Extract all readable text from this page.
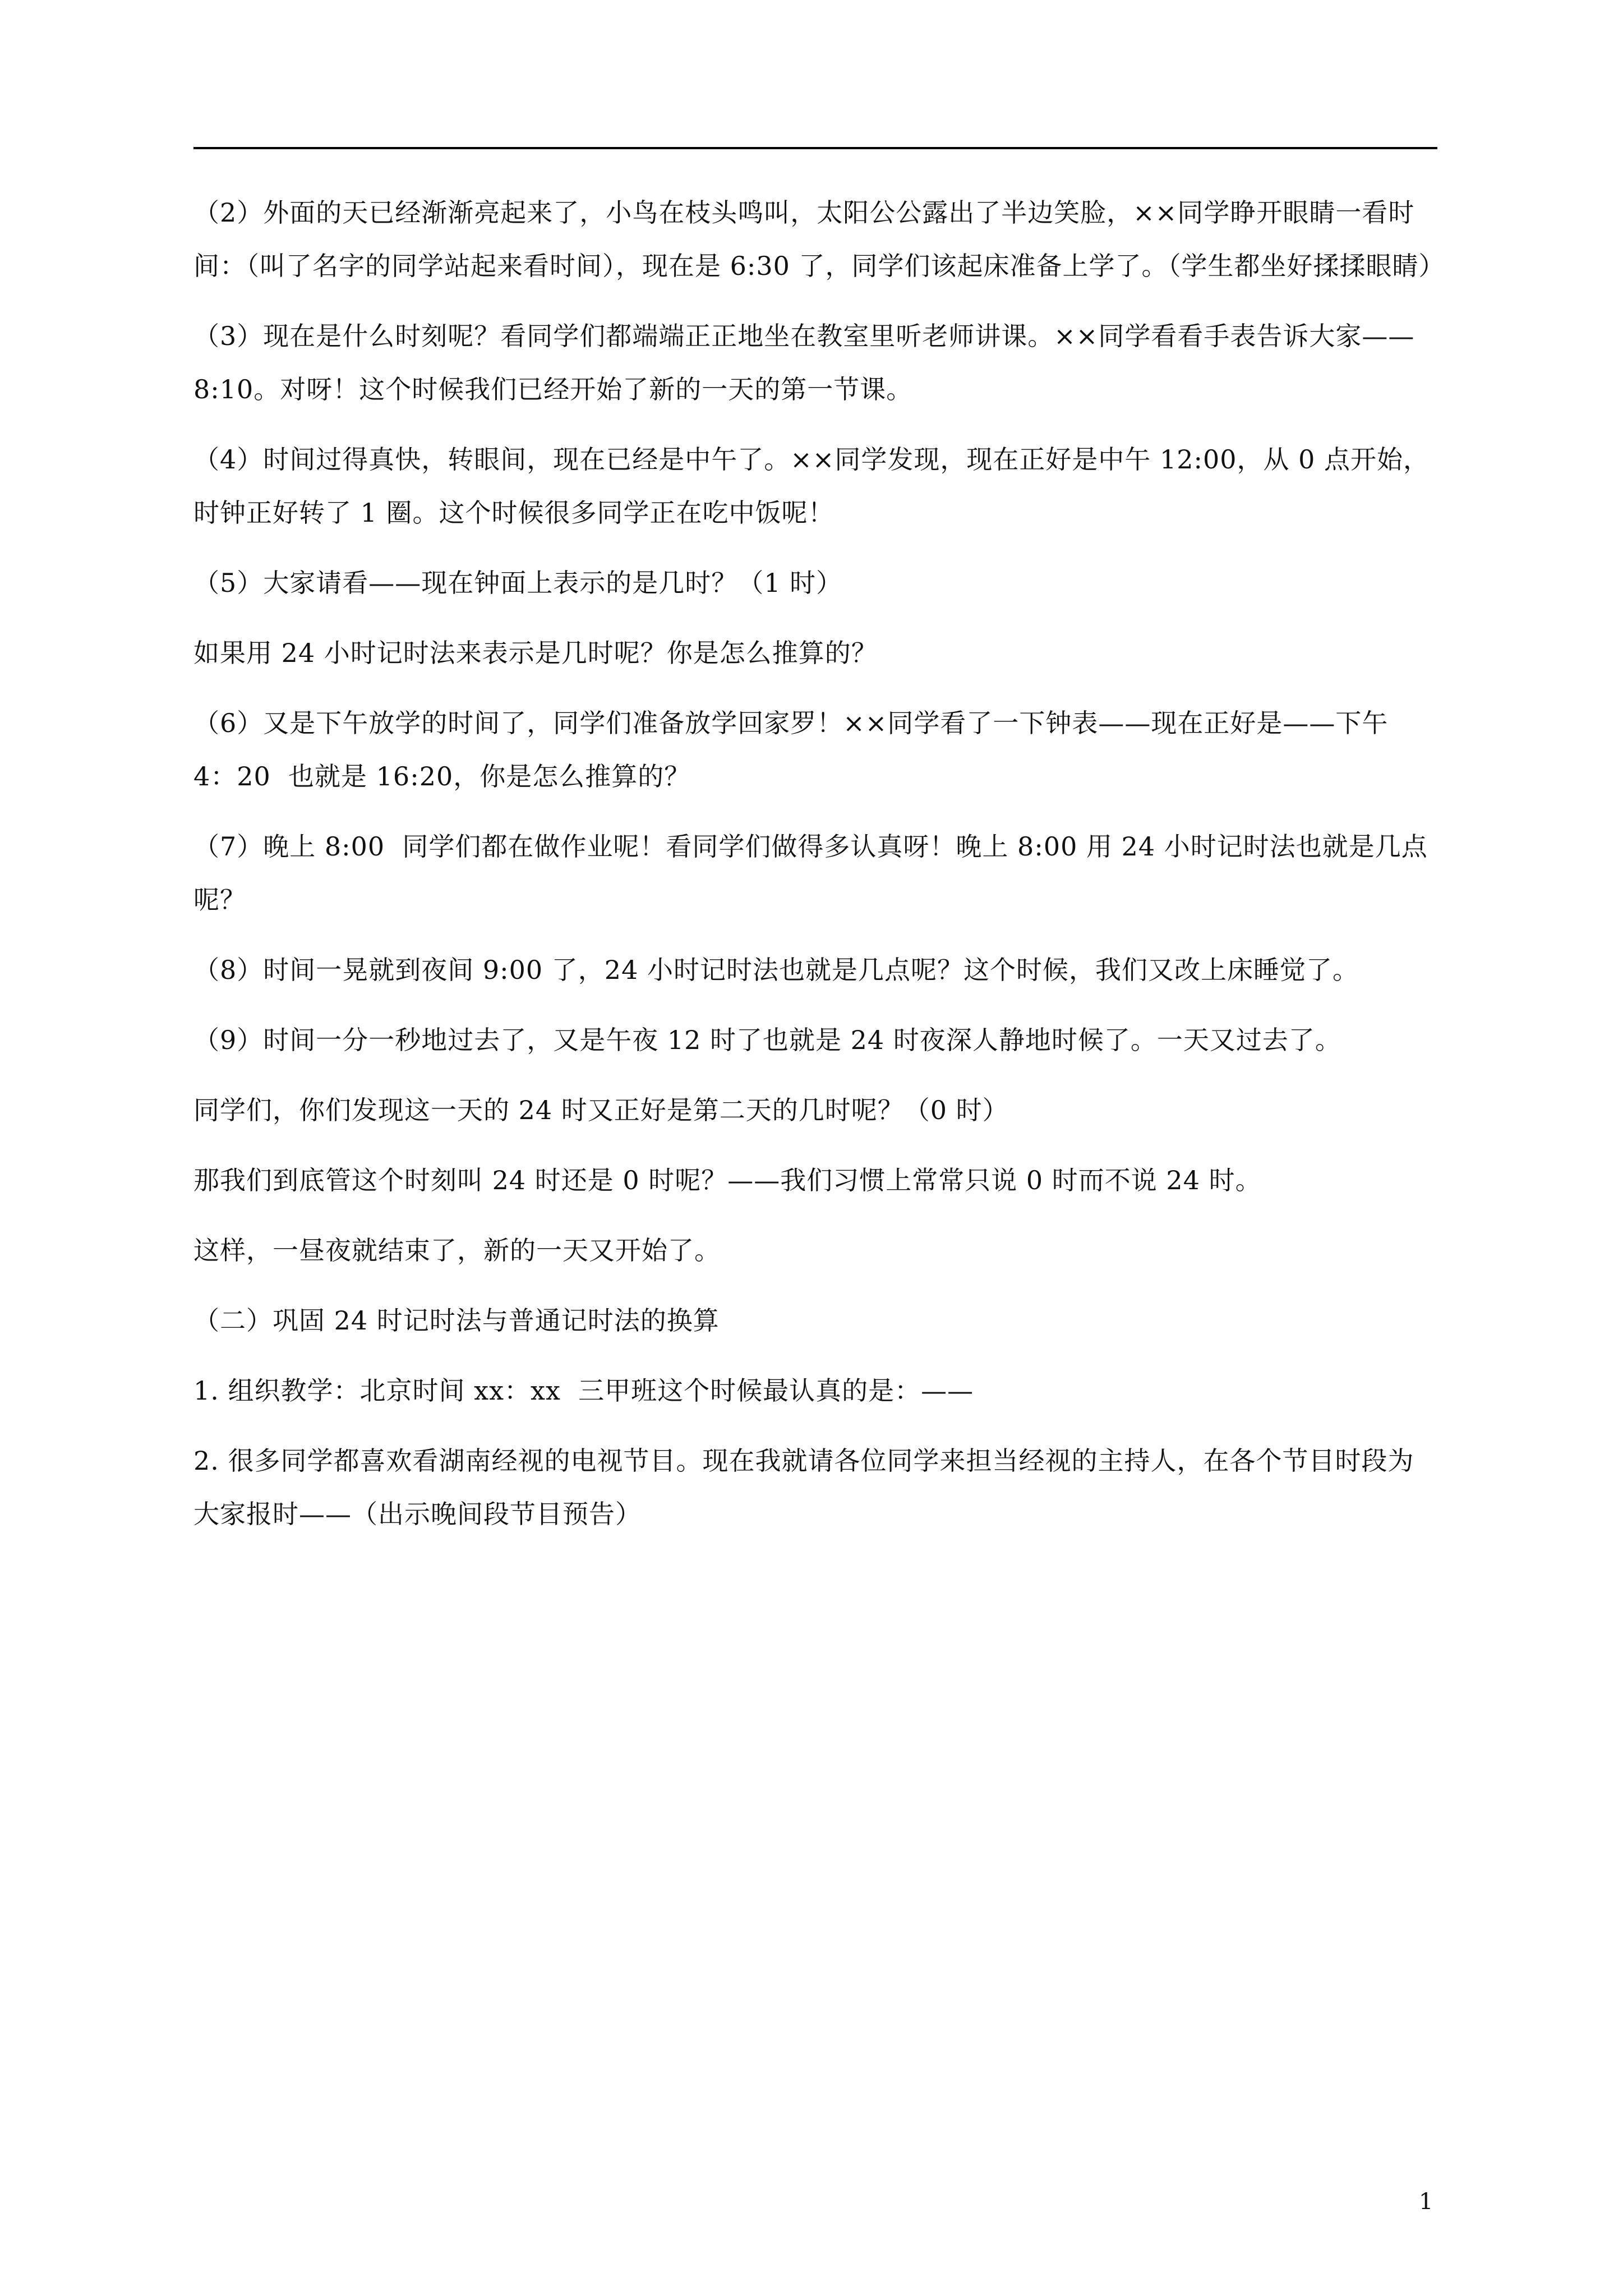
（2）外面的天已经渐渐亮起来了，小鸟在枝头鸣叫，太阳公公露出了半边笑脸，××同学睁开眼睛一看时间：（叫了名字的同学站起来看时间），现在是 6:30 了，同学们该起床准备上学了。（学生都坐好揉揉眼睛）

（3）现在是什么时刻呢？看同学们都端端正正地坐在教室里听老师讲课。××同学看看手表告诉大家——8:10。对呀！这个时候我们已经开始了新的一天的第一节课。

（4）时间过得真快，转眼间，现在已经是中午了。××同学发现，现在正好是中午 12:00，从 0 点开始，时钟正好转了 1 圈。这个时候很多同学正在吃中饭呢！

（5）大家请看——现在钟面上表示的是几时？（1 时）

如果用 24 小时记时法来表示是几时呢？你是怎么推算的？

（6）又是下午放学的时间了，同学们准备放学回家罗！××同学看了一下钟表——现在正好是——下午 4：20  也就是 16:20，你是怎么推算的？

（7）晚上 8:00  同学们都在做作业呢！看同学们做得多认真呀！晚上 8:00 用 24 小时记时法也就是几点呢？

（8）时间一晃就到夜间 9:00 了，24 小时记时法也就是几点呢？这个时候，我们又改上床睡觉了。

（9）时间一分一秒地过去了，又是午夜 12 时了也就是 24 时夜深人静地时候了。一天又过去了。

同学们，你们发现这一天的 24 时又正好是第二天的几时呢？（0 时）

那我们到底管这个时刻叫 24 时还是 0 时呢？——我们习惯上常常只说 0 时而不说 24 时。

这样，一昼夜就结束了，新的一天又开始了。

（二）巩固 24 时记时法与普通记时法的换算

1. 组织教学：北京时间 xx：xx  三甲班这个时候最认真的是：——

2. 很多同学都喜欢看湖南经视的电视节目。现在我就请各位同学来担当经视的主持人，在各个节目时段为大家报时——（出示晚间段节目预告）

1
